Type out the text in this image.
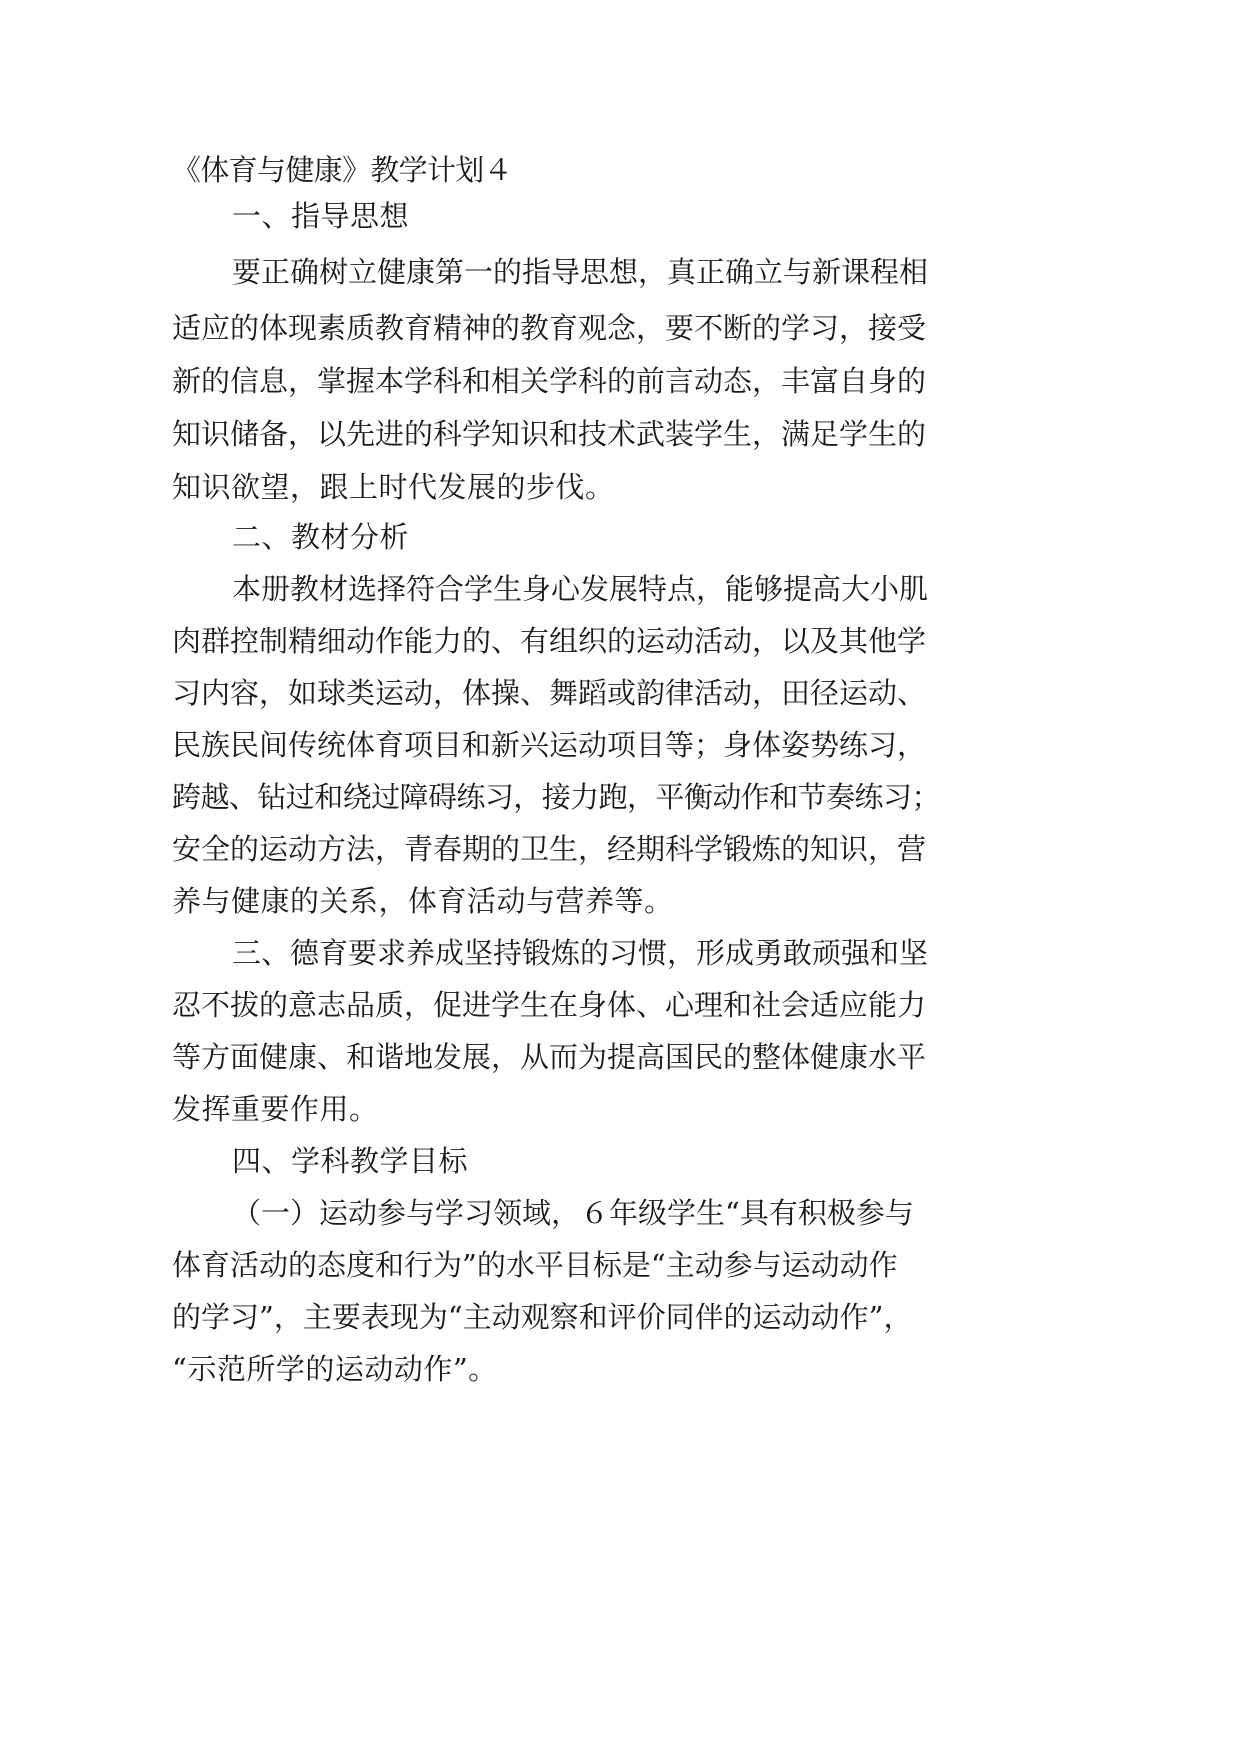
《体育与健康》教学计划４
一、指导思想
要正确树立健康第一的指导思想，真正确立与新课程相
适应的体现素质教育精神的教育观念，要不断的学习，接受
新的信息，掌握本学科和相关学科的前言动态，丰富自身的
知识储备，以先进的科学知识和技术武装学生，满足学生的
知识欲望，跟上时代发展的步伐。
二、教材分析
本册教材选择符合学生身心发展特点，能够提高大小肌
肉群控制精细动作能力的、有组织的运动活动，以及其他学
习内容，如球类运动，体操、舞蹈或韵律活动，田径运动、
民族民间传统体育项目和新兴运动项目等；身体姿势练习，
跨越、钻过和绕过障碍练习，接力跑，平衡动作和节奏练习；
安全的运动方法，青春期的卫生，经期科学锻炼的知识，营
养与健康的关系，体育活动与营养等。
三、德育要求养成坚持锻炼的习惯，形成勇敢顽强和坚
忍不拔的意志品质，促进学生在身体、心理和社会适应能力
等方面健康、和谐地发展，从而为提高国民的整体健康水平
发挥重要作用。
四、学科教学目标
（一）运动参与学习领域，６年级学生“具有积极参与
体育活动的态度和行为”的水平目标是“主动参与运动动作
的学习”，主要表现为“主动观察和评价同伴的运动动作”，
“示范所学的运动动作”。
